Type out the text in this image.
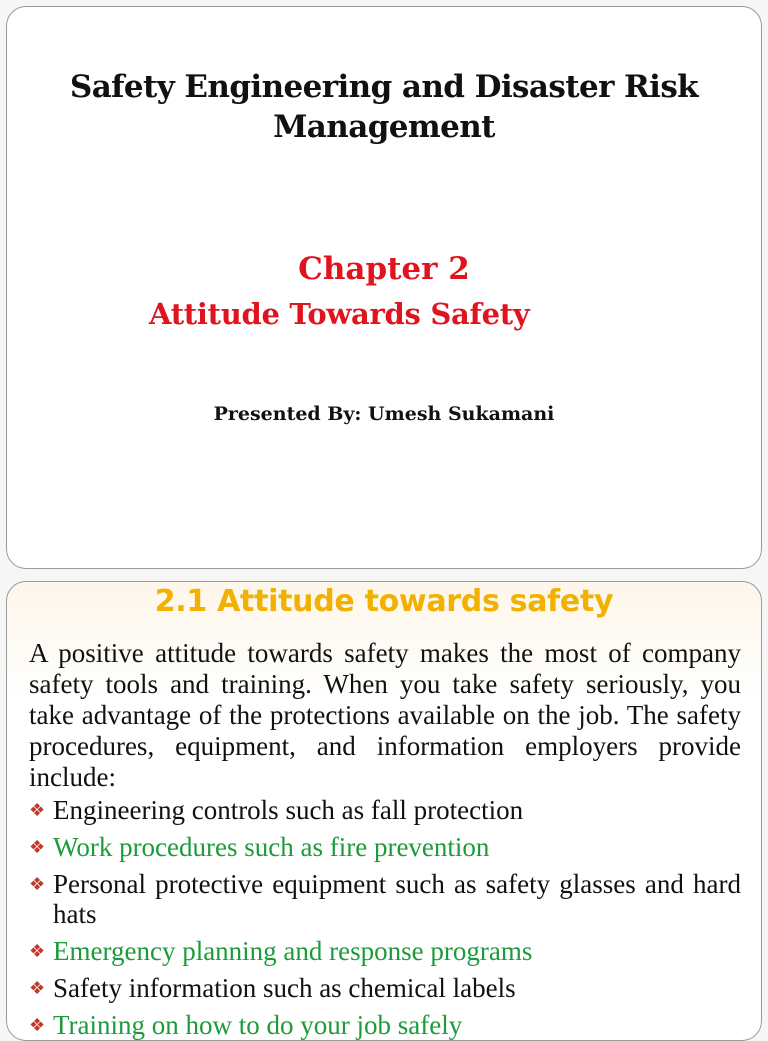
Safety Engineering and Disaster Risk Management
Chapter 2
Attitude Towards Safety

Presented By: Umesh Sukamani

2.1 Attitude towards safety

A positive attitude towards safety makes the most of company safety tools and training. When you take safety seriously, you take advantage of the protections available on the job. The safety procedures, equipment, and information employers provide include:

❖ Engineering controls such as fall protection
❖ Work procedures such as fire prevention
❖ Personal protective equipment such as safety glasses and hard hats
❖ Emergency planning and response programs
❖ Safety information such as chemical labels
❖ Training on how to do your job safely
